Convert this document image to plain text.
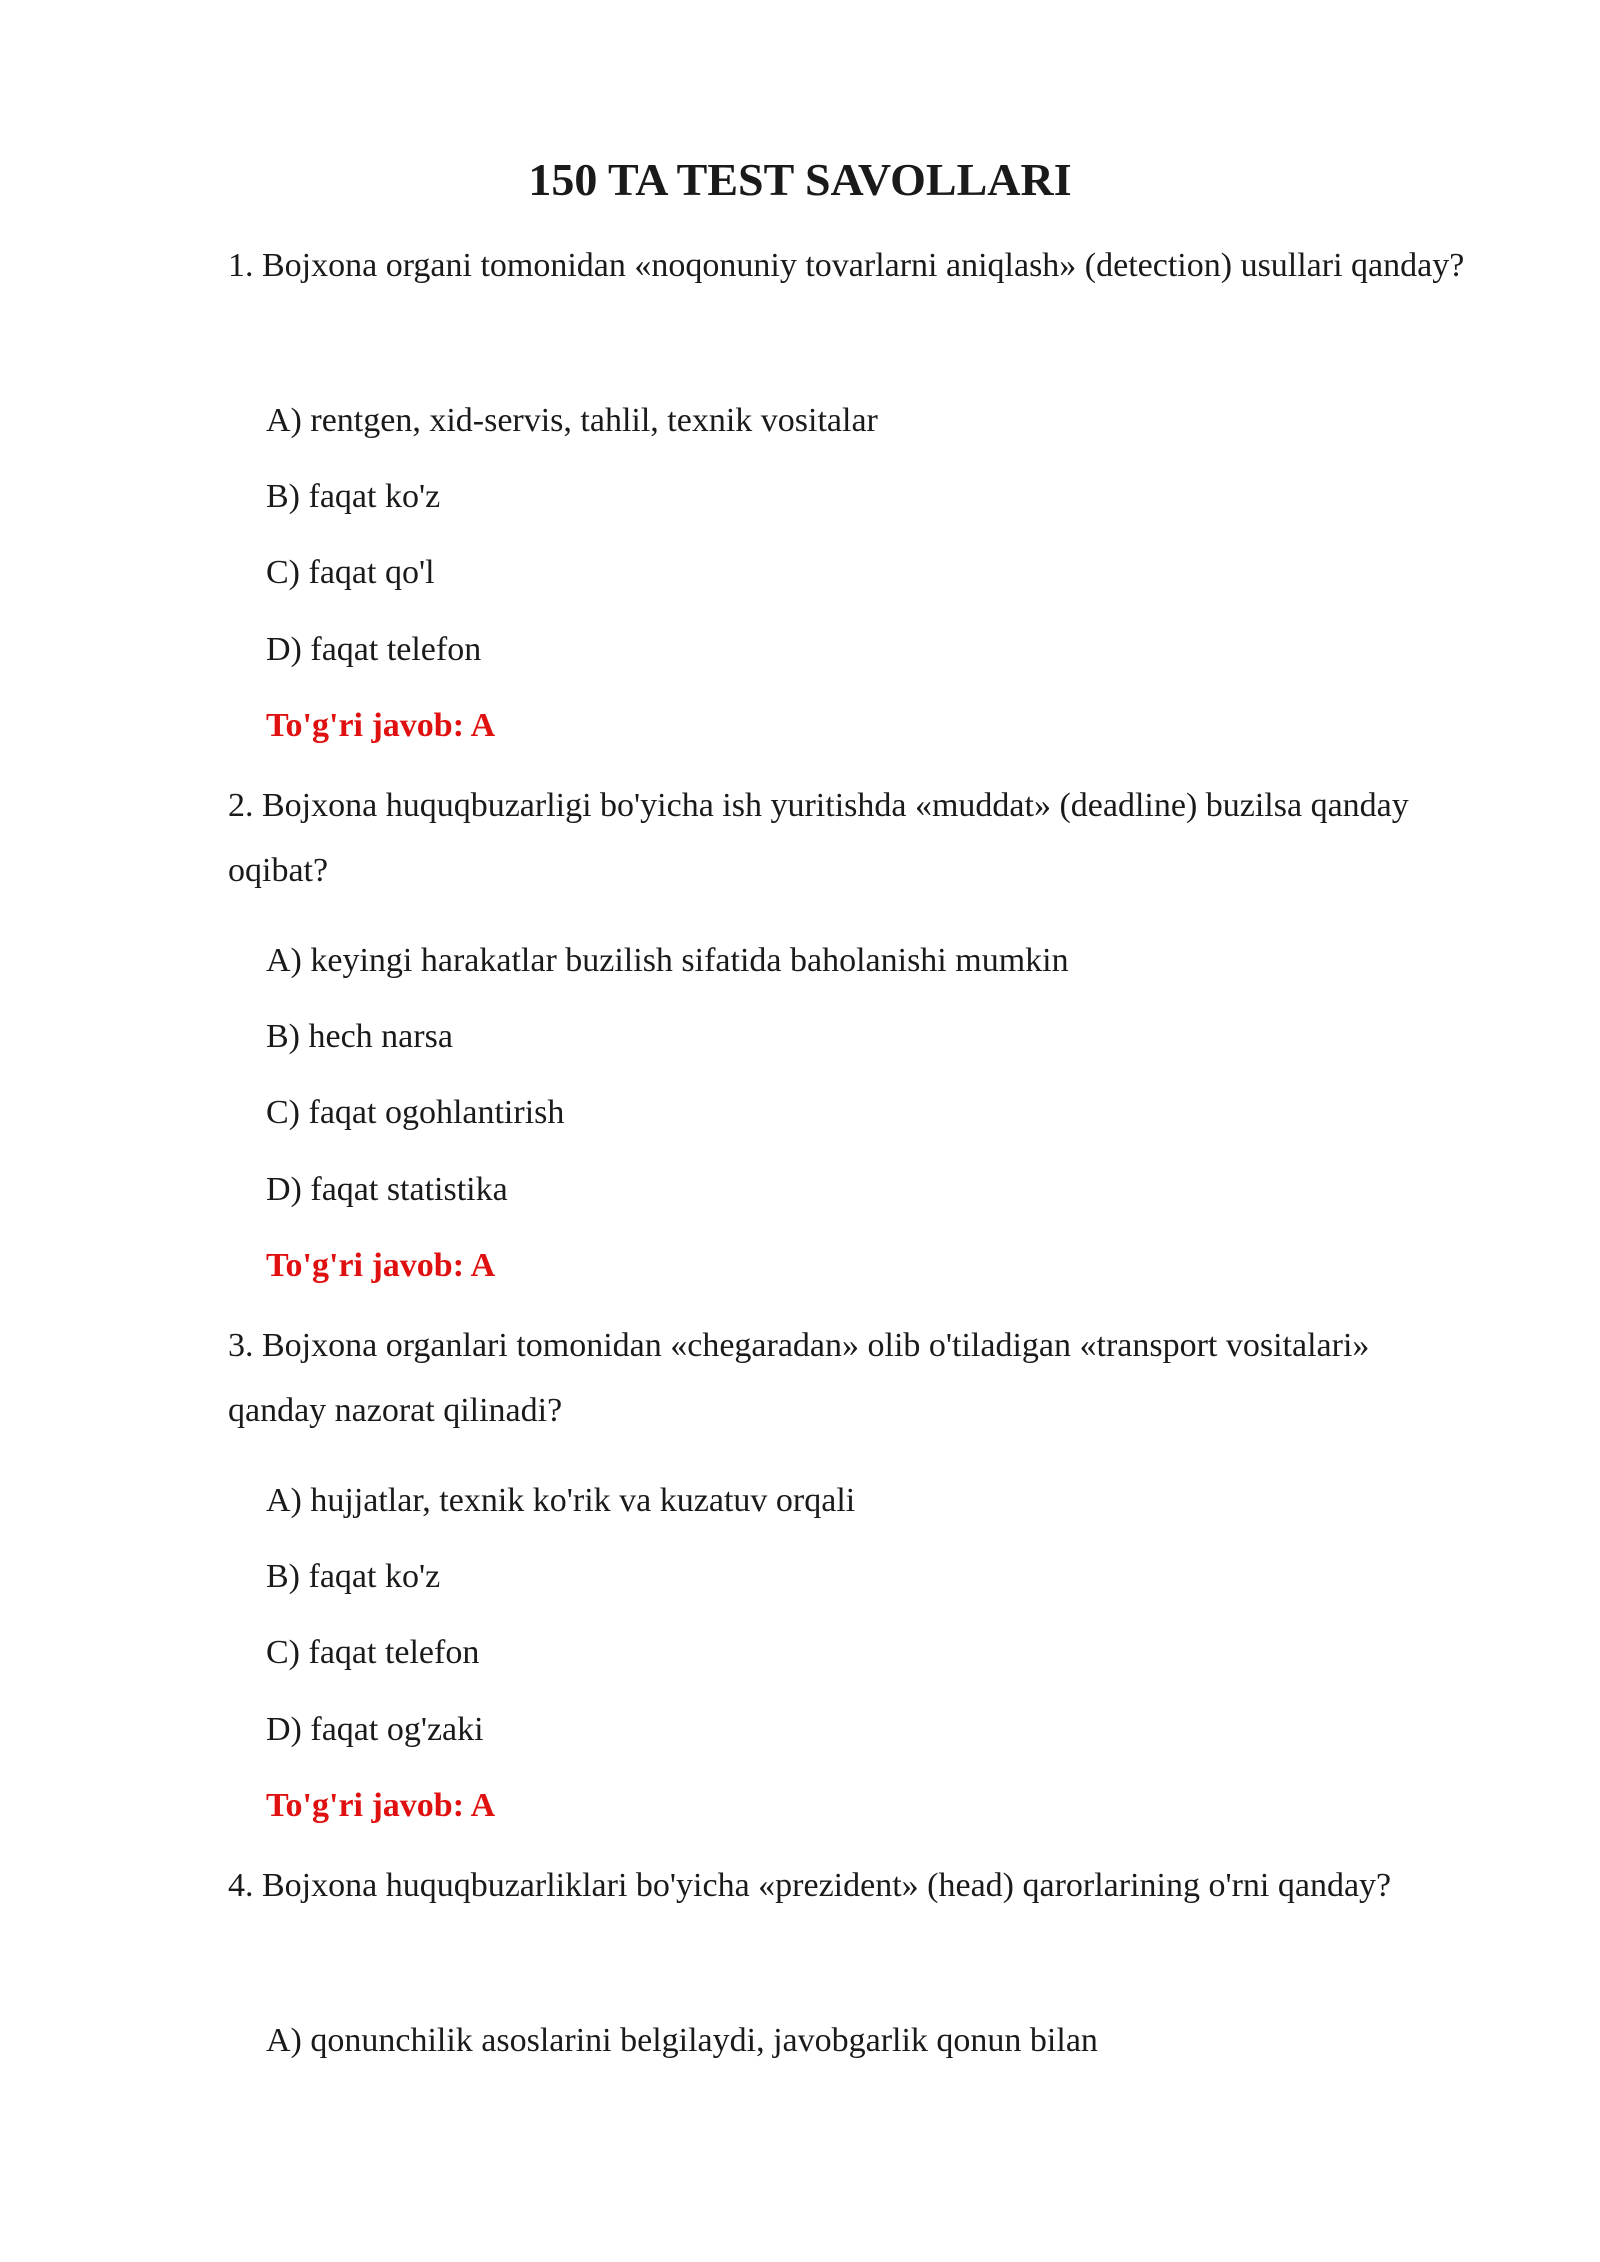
150 TA TEST SAVOLLARI

1. Bojxona organi tomonidan «noqonuniy tovarlarni aniqlash» (detection) usullari qanday?

A) rentgen, xid-servis, tahlil, texnik vositalar

B) faqat ko'z

C) faqat qo'l

D) faqat telefon

To'g'ri javob: A

2. Bojxona huquqbuzarligi bo'yicha ish yuritishda «muddat» (deadline) buzilsa qanday oqibat?

A) keyingi harakatlar buzilish sifatida baholanishi mumkin

B) hech narsa

C) faqat ogohlantirish

D) faqat statistika

To'g'ri javob: A

3. Bojxona organlari tomonidan «chegaradan» olib o'tiladigan «transport vositalari» qanday nazorat qilinadi?

A) hujjatlar, texnik ko'rik va kuzatuv orqali

B) faqat ko'z

C) faqat telefon

D) faqat og'zaki

To'g'ri javob: A

4. Bojxona huquqbuzarliklari bo'yicha «prezident» (head) qarorlarining o'rni qanday?

A) qonunchilik asoslarini belgilaydi, javobgarlik qonun bilan
